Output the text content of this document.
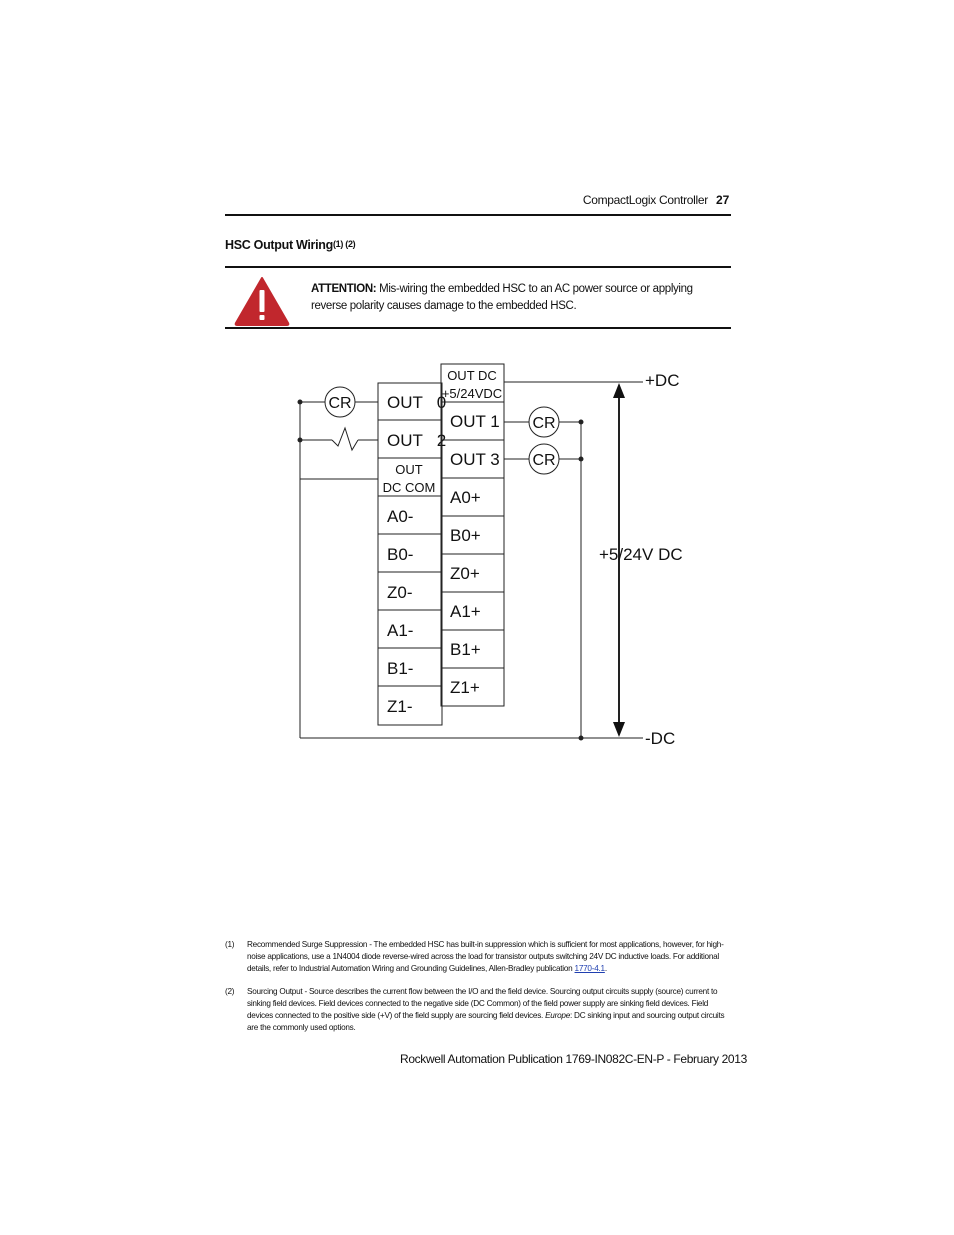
CompactLogix Controller 27
HSC Output Wiring$^{(1) (2)}$
ATTENTION: Mis-wiring the embedded HSC to an AC power source or applying reverse polarity causes damage to the embedded HSC.
OUT   0
OUT   2
OUT
DC COM
A0-
B0-
Z0-
A1-
B1-
Z1-
OUT DC
+5/24VDC
OUT 1
OUT 3
A0+
B0+
Z0+
A1+
B1+
Z1+
CR
CR
CR
+DC
-DC
+5/24V DC
(1) Recommended Surge Suppression - The embedded HSC has built-in suppression which is sufficient for most applications, however, for high-noise applications, use a 1N4004 diode reverse-wired across the load for transistor outputs switching 24V DC inductive loads. For additional details, refer to Industrial Automation Wiring and Grounding Guidelines, Allen-Bradley publication 1770-4.1.
(2) Sourcing Output - Source describes the current flow between the I/O and the field device. Sourcing output circuits supply (source) current to sinking field devices. Field devices connected to the negative side (DC Common) of the field power supply are sinking field devices. Field devices connected to the positive side (+V) of the field supply are sourcing field devices. Europe: DC sinking input and sourcing output circuits are the commonly used options.
Rockwell Automation Publication 1769-IN082C-EN-P - February 2013
